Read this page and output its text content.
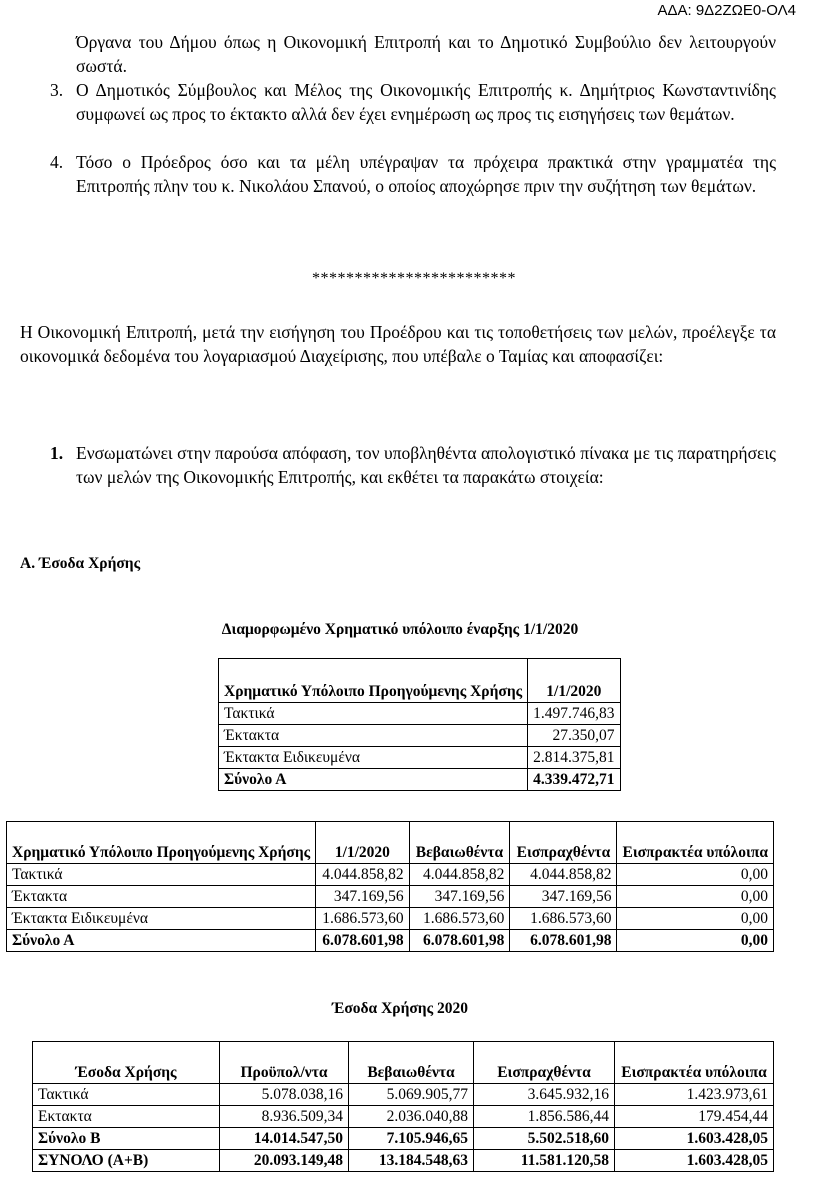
ΑΔΑ: 9Δ2ΖΩΕ0-ΟΛ4
Όργανα του Δήμου όπως η Οικονομική Επιτροπή και το Δημοτικό Συμβούλιο δεν λειτουργούν σωστά.
3. Ο Δημοτικός Σύμβουλος και Μέλος της Οικονομικής Επιτροπής κ. Δημήτριος Κωνσταντινίδης συμφωνεί ως προς το έκτακτο αλλά δεν έχει ενημέρωση ως προς τις εισηγήσεις των θεμάτων.
4. Τόσο ο Πρόεδρος όσο και τα μέλη υπέγραψαν τα πρόχειρα πρακτικά στην γραμματέα της Επιτροπής πλην του κ. Νικολάου Σπανού, ο οποίος αποχώρησε πριν την συζήτηση των θεμάτων.
************************
Η Οικονομική Επιτροπή, μετά την εισήγηση του Προέδρου και τις τοποθετήσεις των μελών, προέλεγξε τα οικονομικά δεδομένα του λογαριασμού Διαχείρισης, που υπέβαλε ο Ταμίας και αποφασίζει:
1. Ενσωματώνει στην παρούσα απόφαση, τον υποβληθέντα απολογιστικό πίνακα με τις παρατηρήσεις των μελών της Οικονομικής Επιτροπής, και εκθέτει τα παρακάτω στοιχεία:
Α. Έσοδα Χρήσης
Διαμορφωμένο Χρηματικό υπόλοιπο έναρξης 1/1/2020
Χρηματικό Υπόλοιπο Προηγούμενης Χρήσης	1/1/2020
Τακτικά	1.497.746,83
Έκτακτα	27.350,07
Έκτακτα Ειδικευμένα	2.814.375,81
Σύνολο Α	4.339.472,71
Χρηματικό Υπόλοιπο Προηγούμενης Χρήσης	1/1/2020	Βεβαιωθέντα	Εισπραχθέντα	Εισπρακτέα υπόλοιπα
Τακτικά	4.044.858,82	4.044.858,82	4.044.858,82	0,00
Έκτακτα	347.169,56	347.169,56	347.169,56	0,00
Έκτακτα Ειδικευμένα	1.686.573,60	1.686.573,60	1.686.573,60	0,00
Σύνολο Α	6.078.601,98	6.078.601,98	6.078.601,98	0,00
Έσοδα Χρήσης 2020
Έσοδα Χρήσης	Προϋπολ/ντα	Βεβαιωθέντα	Εισπραχθέντα	Εισπρακτέα υπόλοιπα
Τακτικά	5.078.038,16	5.069.905,77	3.645.932,16	1.423.973,61
Εκτακτα	8.936.509,34	2.036.040,88	1.856.586,44	179.454,44
Σύνολο Β	14.014.547,50	7.105.946,65	5.502.518,60	1.603.428,05
ΣΥΝΟΛΟ (Α+Β)	20.093.149,48	13.184.548,63	11.581.120,58	1.603.428,05
